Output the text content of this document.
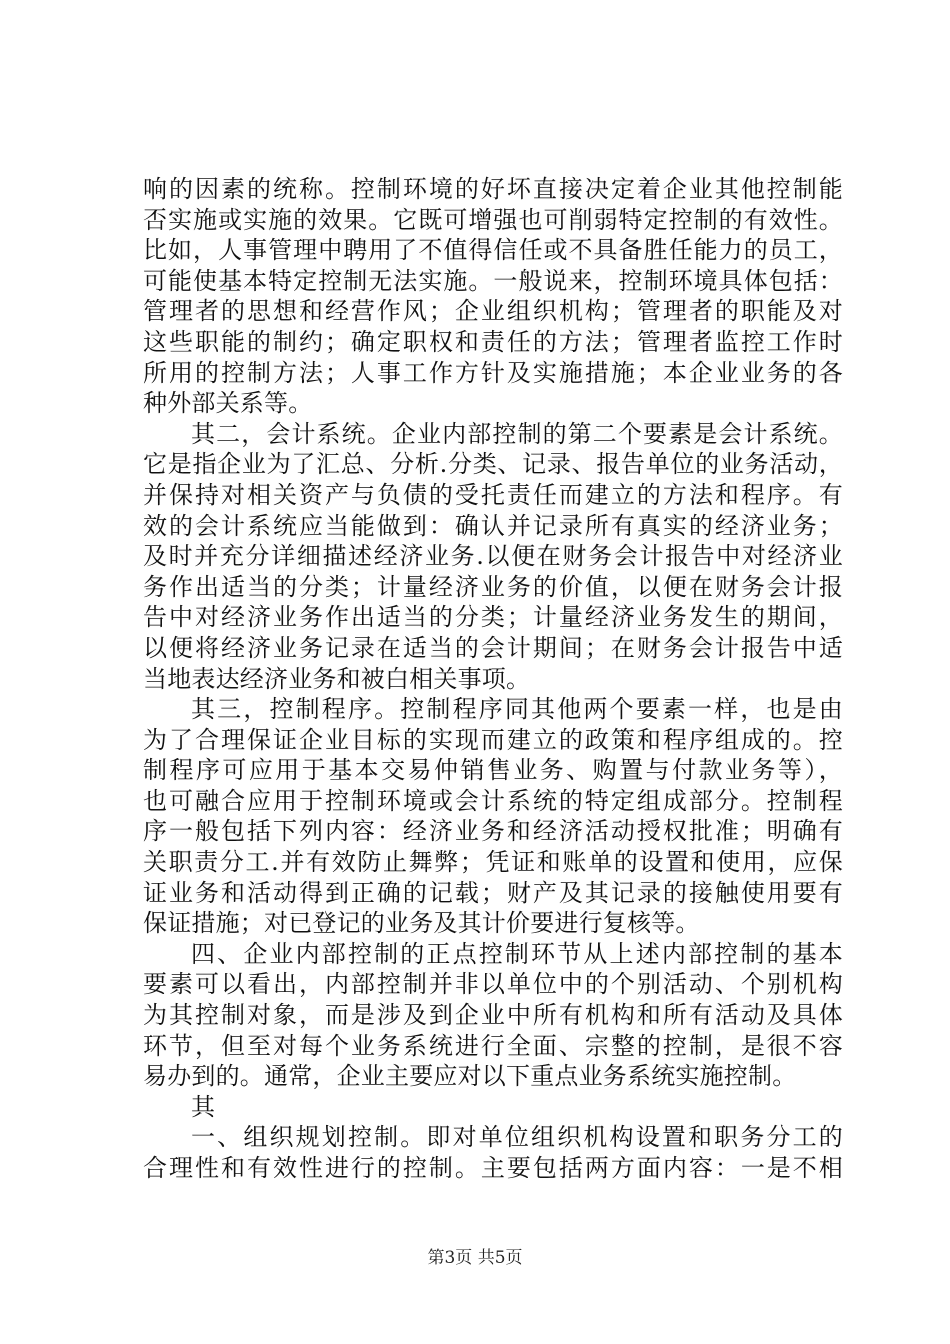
响的因素的统称。控制环境的好坏直接决定着企业其他控制能
否实施或实施的效果。它既可增强也可削弱特定控制的有效性。
比如，人事管理中聘用了不值得信任或不具备胜任能力的员工，
可能使基本特定控制无法实施。一般说来，控制环境具体包括：
管理者的思想和经营作风；企业组织机构；管理者的职能及对
这些职能的制约；确定职权和责任的方法；管理者监控工作时
所用的控制方法；人事工作方针及实施措施；本企业业务的各
种外部关系等。
其二，会计系统。企业内部控制的第二个要素是会计系统。
它是指企业为了汇总、分析.分类、记录、报告单位的业务活动，
并保持对相关资产与负债的受托责任而建立的方法和程序。有
效的会计系统应当能做到：确认并记录所有真实的经济业务；
及时并充分详细描述经济业务.以便在财务会计报告中对经济业
务作出适当的分类；计量经济业务的价值，以便在财务会计报
告中对经济业务作出适当的分类；计量经济业务发生的期间，
以便将经济业务记录在适当的会计期间；在财务会计报告中适
当地表达经济业务和被白相关事项。
其三，控制程序。控制程序同其他两个要素一样，也是由
为了合理保证企业目标的实现而建立的政策和程序组成的。控
制程序可应用于基本交易仲销售业务、购置与付款业务等），
也可融合应用于控制环境或会计系统的特定组成部分。控制程
序一般包括下列内容：经济业务和经济活动授权批准；明确有
关职责分工.并有效防止舞弊；凭证和账单的设置和使用，应保
证业务和活动得到正确的记载；财产及其记录的接触使用要有
保证措施；对已登记的业务及其计价要进行复核等。
四、企业内部控制的正点控制环节从上述内部控制的基本
要素可以看出，内部控制并非以单位中的个别活动、个别机构
为其控制对象，而是涉及到企业中所有机构和所有活动及具体
环节，但至对每个业务系统进行全面、宗整的控制，是很不容
易办到的。通常，企业主要应对以下重点业务系统实施控制。
其
一、组织规划控制。即对单位组织机构设置和职务分工的
合理性和有效性进行的控制。主要包括两方面内容：一是不相
第3页 共5页
